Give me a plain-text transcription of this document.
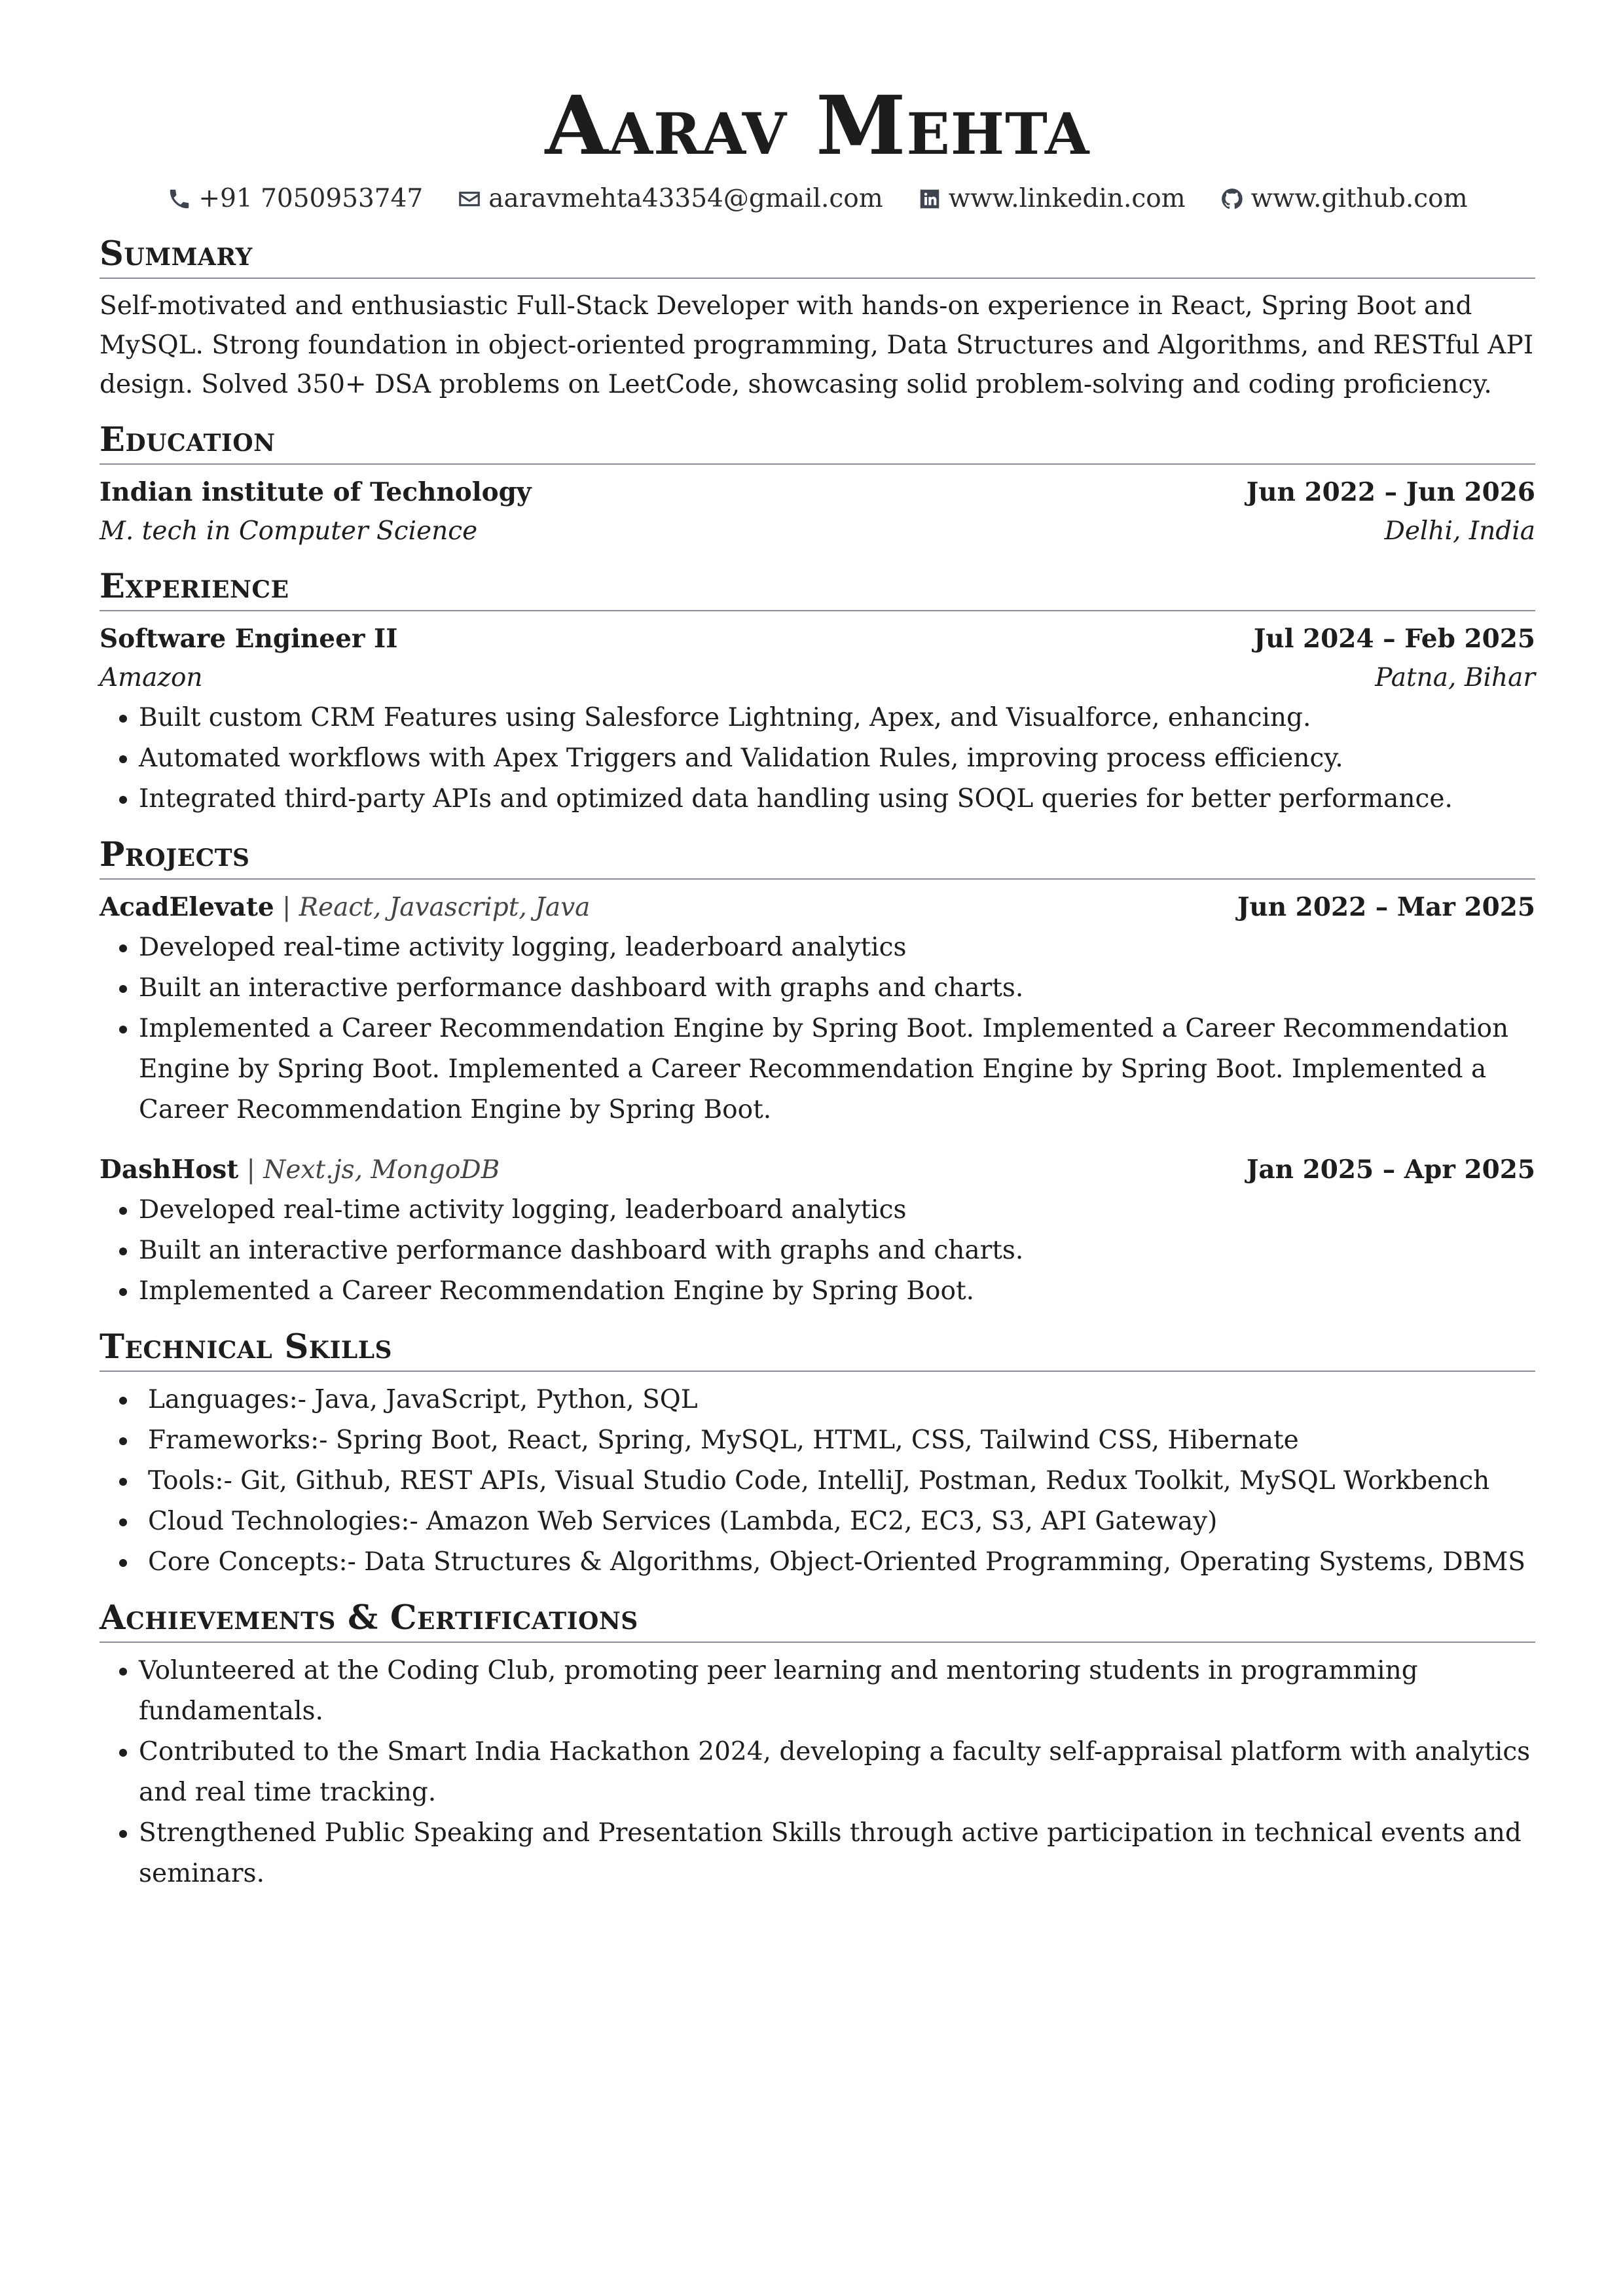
Aarav Mehta
+91 7050953747	aaravmehta43354@gmail.com	www.linkedin.com	www.github.com
Summary

Self-motivated and enthusiastic Full-Stack Developer with hands-on experience in React, Spring Boot and MySQL. Strong foundation in object-oriented programming, Data Structures and Algorithms, and RESTful API design. Solved 350+ DSA problems on LeetCode, showcasing solid problem-solving and coding proficiency.

Education
Indian institute of Technology	Jun 2022 – Jun 2026
M. tech in Computer Science	Delhi, India
Experience
Software Engineer II	Jul 2024 – Feb 2025
Amazon	Patna, Bihar
• Built custom CRM Features using Salesforce Lightning, Apex, and Visualforce, enhancing.
• Automated workflows with Apex Triggers and Validation Rules, improving process efficiency.
• Integrated third-party APIs and optimized data handling using SOQL queries for better performance.
Projects
AcadElevate | React, Javascript, Java	Jun 2022 – Mar 2025
• Developed real-time activity logging, leaderboard analytics
• Built an interactive performance dashboard with graphs and charts.
• Implemented a Career Recommendation Engine by Spring Boot. Implemented a Career Recommendation Engine by Spring Boot. Implemented a Career Recommendation Engine by Spring Boot. Implemented a Career Recommendation Engine by Spring Boot.
DashHost | Next.js, MongoDB	Jan 2025 – Apr 2025
• Developed real-time activity logging, leaderboard analytics
• Built an interactive performance dashboard with graphs and charts.
• Implemented a Career Recommendation Engine by Spring Boot.
Technical Skills
• Languages:- Java, JavaScript, Python, SQL
• Frameworks:- Spring Boot, React, Spring, MySQL, HTML, CSS, Tailwind CSS, Hibernate
• Tools:- Git, Github, REST APIs, Visual Studio Code, IntelliJ, Postman, Redux Toolkit, MySQL Workbench
• Cloud Technologies:- Amazon Web Services (Lambda, EC2, EC3, S3, API Gateway)
• Core Concepts:- Data Structures & Algorithms, Object-Oriented Programming, Operating Systems, DBMS
Achievements & Certifications
• Volunteered at the Coding Club, promoting peer learning and mentoring students in programming fundamentals.
• Contributed to the Smart India Hackathon 2024, developing a faculty self-appraisal platform with analytics and real time tracking.
• Strengthened Public Speaking and Presentation Skills through active participation in technical events and seminars.
